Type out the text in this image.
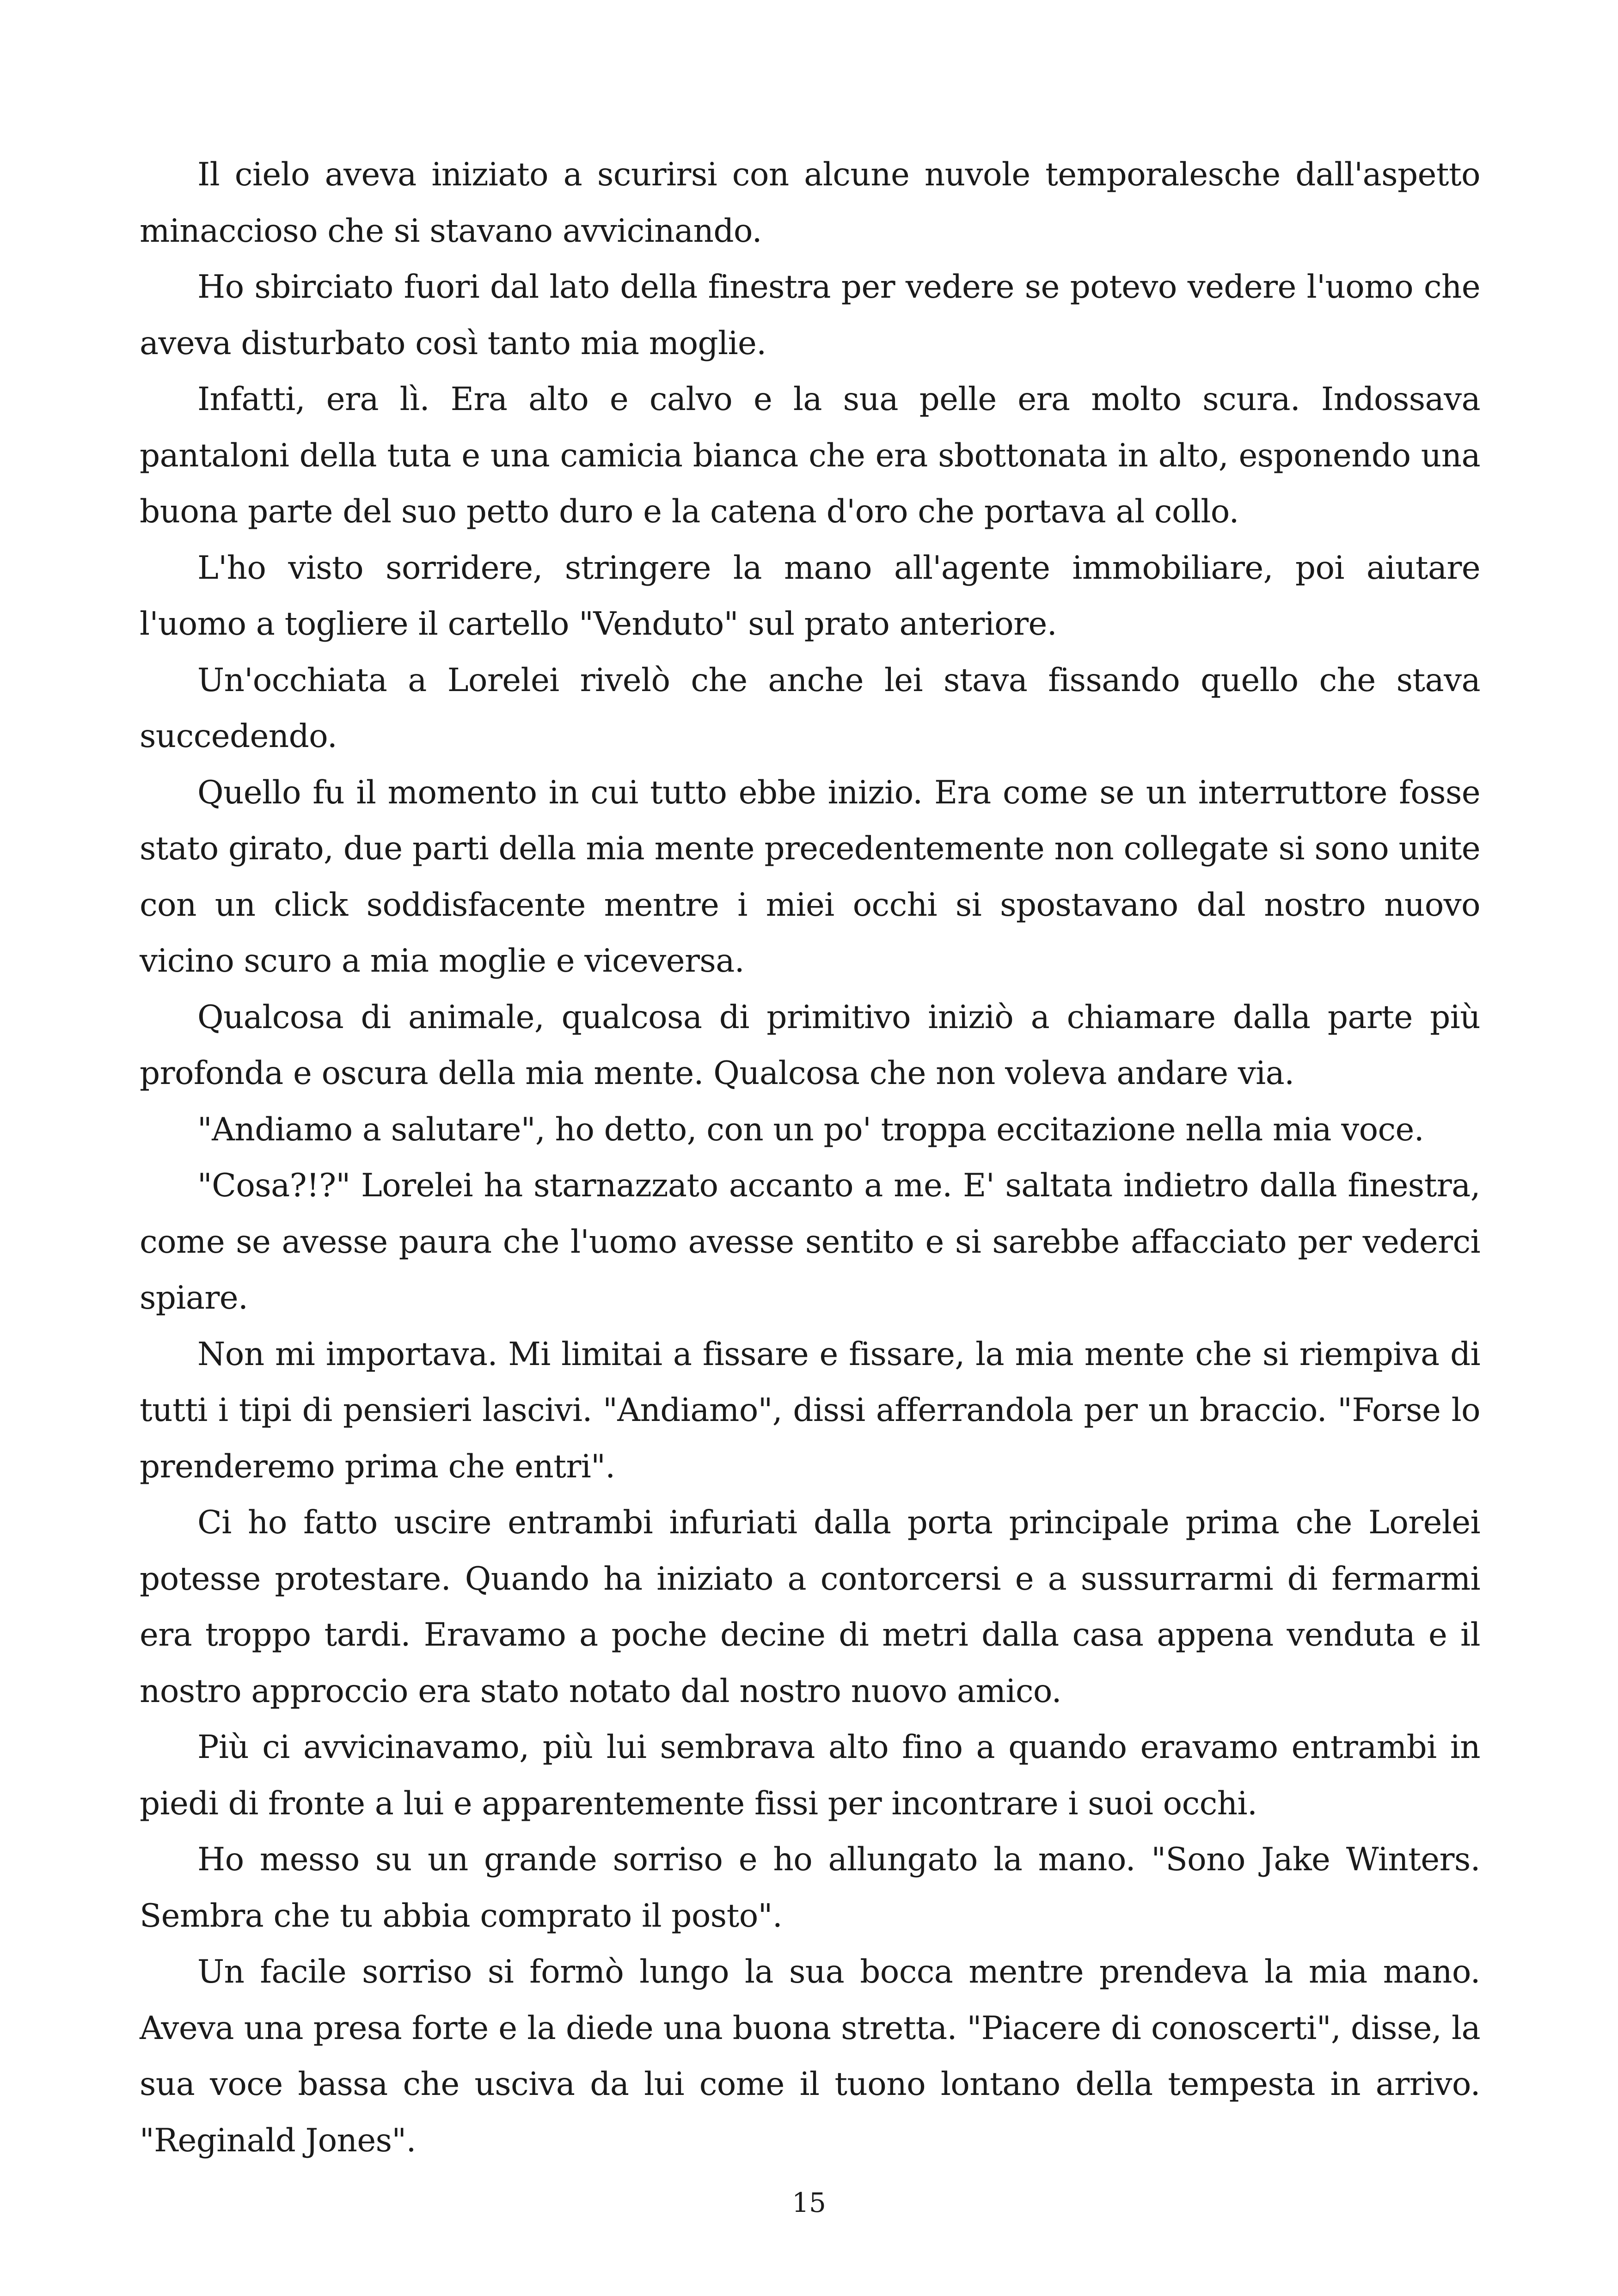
Il cielo aveva iniziato a scurirsi con alcune nuvole temporalesche dall'aspetto minaccioso che si stavano avvicinando.

Ho sbirciato fuori dal lato della finestra per vedere se potevo vedere l'uomo che aveva disturbato così tanto mia moglie.

Infatti, era lì. Era alto e calvo e la sua pelle era molto scura. Indossava pantaloni della tuta e una camicia bianca che era sbottonata in alto, esponendo una buona parte del suo petto duro e la catena d'oro che portava al collo.

L'ho visto sorridere, stringere la mano all'agente immobiliare, poi aiutare l'uomo a togliere il cartello "Venduto" sul prato anteriore.

Un'occhiata a Lorelei rivelò che anche lei stava fissando quello che stava succedendo.

Quello fu il momento in cui tutto ebbe inizio. Era come se un interruttore fosse stato girato, due parti della mia mente precedentemente non collegate si sono unite con un click soddisfacente mentre i miei occhi si spostavano dal nostro nuovo vicino scuro a mia moglie e viceversa.

Qualcosa di animale, qualcosa di primitivo iniziò a chiamare dalla parte più profonda e oscura della mia mente. Qualcosa che non voleva andare via.

"Andiamo a salutare", ho detto, con un po' troppa eccitazione nella mia voce.

"Cosa?!?" Lorelei ha starnazzato accanto a me. E' saltata indietro dalla finestra, come se avesse paura che l'uomo avesse sentito e si sarebbe affacciato per vederci spiare.

Non mi importava. Mi limitai a fissare e fissare, la mia mente che si riempiva di tutti i tipi di pensieri lascivi. "Andiamo", dissi afferrandola per un braccio. "Forse lo prenderemo prima che entri".

Ci ho fatto uscire entrambi infuriati dalla porta principale prima che Lorelei potesse protestare. Quando ha iniziato a contorcersi e a sussurrarmi di fermarmi era troppo tardi. Eravamo a poche decine di metri dalla casa appena venduta e il nostro approccio era stato notato dal nostro nuovo amico.

Più ci avvicinavamo, più lui sembrava alto fino a quando eravamo entrambi in piedi di fronte a lui e apparentemente fissi per incontrare i suoi occhi.

Ho messo su un grande sorriso e ho allungato la mano. "Sono Jake Winters. Sembra che tu abbia comprato il posto".

Un facile sorriso si formò lungo la sua bocca mentre prendeva la mia mano. Aveva una presa forte e la diede una buona stretta. "Piacere di conoscerti", disse, la sua voce bassa che usciva da lui come il tuono lontano della tempesta in arrivo. "Reginald Jones".

15
